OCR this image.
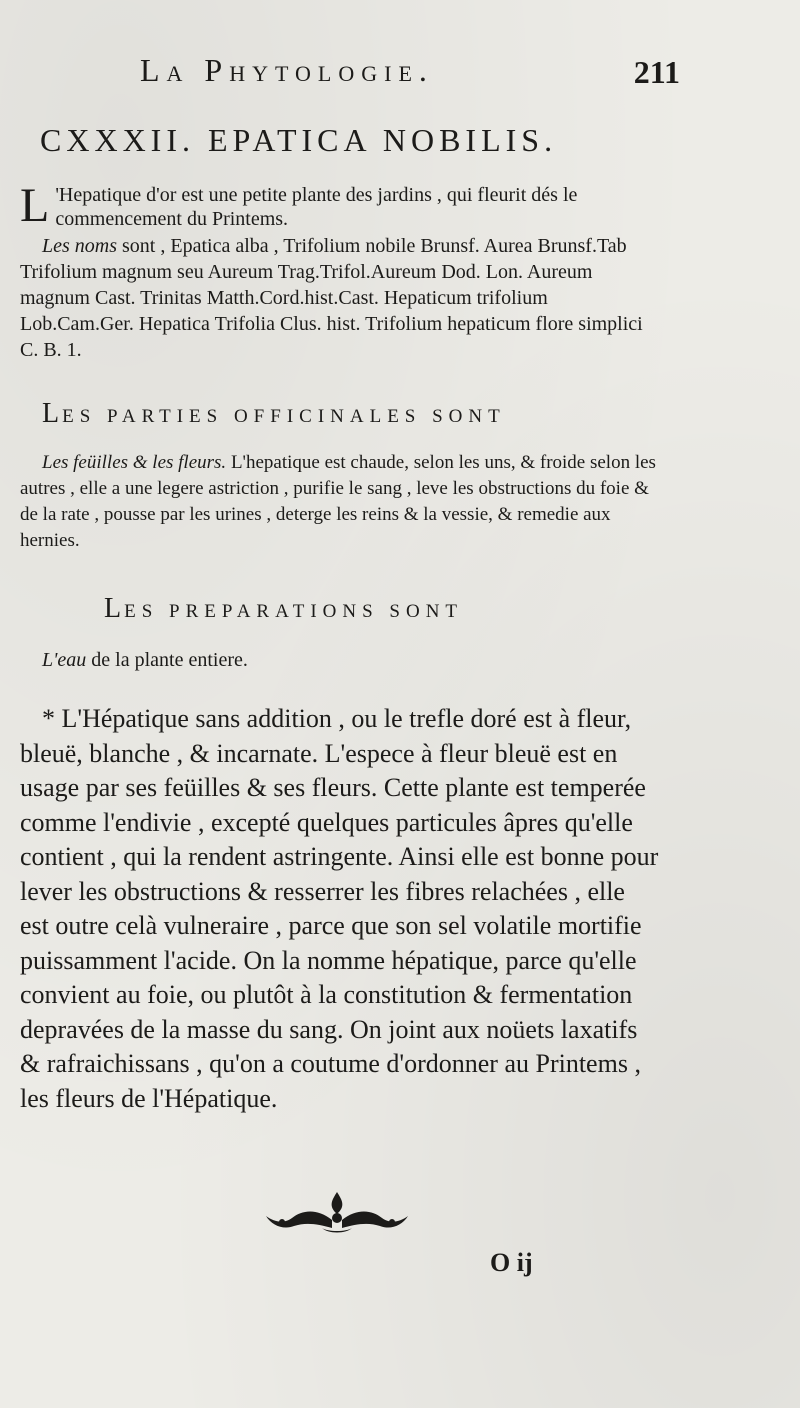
La Phytologie.	211
CXXXII. EPATICA NOBILIS.
L 'Hepatique d'or est une petite plante des jardins , qui fleurit dés le commencement du Printems.
Les noms sont , Epatica alba , Trifolium nobile Brunsf. Aurea Brunsf.Tab Trifolium magnum seu Aureum Trag.Trifol.Aureum Dod. Lon. Aureum magnum Cast. Trinitas Matth.Cord.hist.Cast. Hepaticum trifolium Lob.Cam.Ger. Hepatica Trifolia Clus. hist. Trifolium hepaticum flore simplici C. B. 1.
LES PARTIES OFFICINALES SONT
Les feüilles & les fleurs. L'hepatique est chaude, selon les uns, & froide selon les autres , elle a une legere astriction , purifie le sang , leve les obstructions du foie & de la rate , pousse par les urines , deterge les reins & la vessie, & remedie aux hernies.
LES PREPARATIONS SONT
L'eau de la plante entiere.
* L'Hépatique sans addition , ou le trefle doré est à fleur, bleuë, blanche , & incarnate. L'espece à fleur bleuë est en usage par ses feüilles & ses fleurs. Cette plante est temperée comme l'endivie , excepté quelques particules âpres qu'elle contient , qui la rendent astringente. Ainsi elle est bonne pour lever les obstructions & resserrer les fibres relachées , elle est outre celà vulneraire , parce que son sel volatile mortifie puissamment l'acide. On la nomme hépatique, parce qu'elle convient au foie, ou plutôt à la constitution & fermentation depravées de la masse du sang. On joint aux noüets laxatifs & rafraichissans , qu'on a coutume d'ordonner au Printems , les fleurs de l'Hépatique.
O ij
